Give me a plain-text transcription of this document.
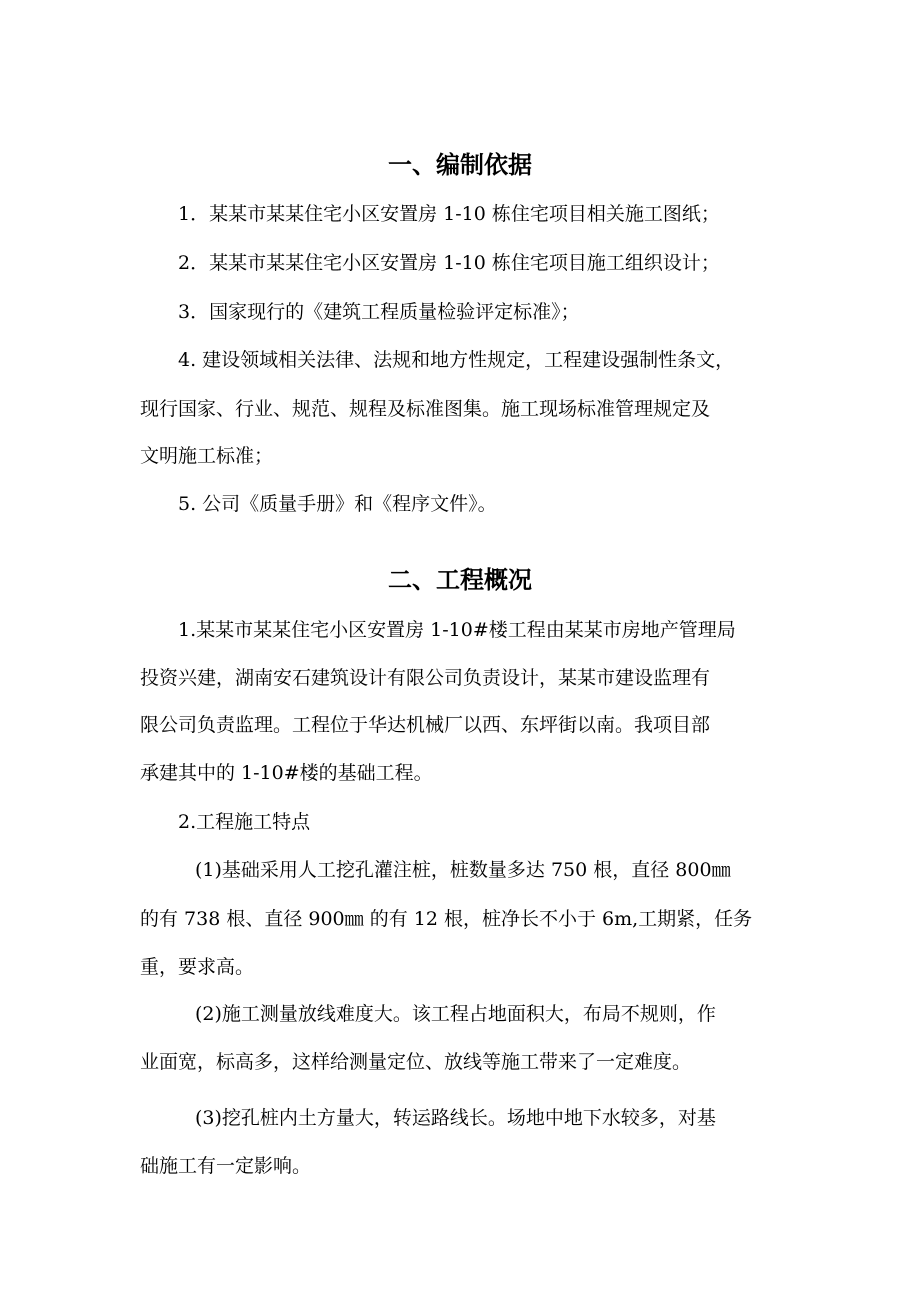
一、编制依据
1．某某市某某住宅小区安置房 1-10 栋住宅项目相关施工图纸；
2．某某市某某住宅小区安置房 1-10 栋住宅项目施工组织设计；
3．国家现行的《建筑工程质量检验评定标准》；
4. 建设领域相关法律、法规和地方性规定，工程建设强制性条文，
现行国家、行业、规范、规程及标准图集。施工现场标准管理规定及
文明施工标准；
5. 公司《质量手册》和《程序文件》。
二、工程概况
1.某某市某某住宅小区安置房 1-10#楼工程由某某市房地产管理局
投资兴建，湖南安石建筑设计有限公司负责设计，某某市建设监理有
限公司负责监理。工程位于华达机械厂以西、东坪街以南。我项目部
承建其中的 1-10#楼的基础工程。
2.工程施工特点
(1)基础采用人工挖孔灌注桩，桩数量多达 750 根，直径 800㎜
的有 738 根、直径 900㎜ 的有 12 根，桩净长不小于 6m,工期紧，任务
重，要求高。
(2)施工测量放线难度大。该工程占地面积大，布局不规则，作
业面宽，标高多，这样给测量定位、放线等施工带来了一定难度。
(3)挖孔桩内土方量大，转运路线长。场地中地下水较多，对基
础施工有一定影响。
